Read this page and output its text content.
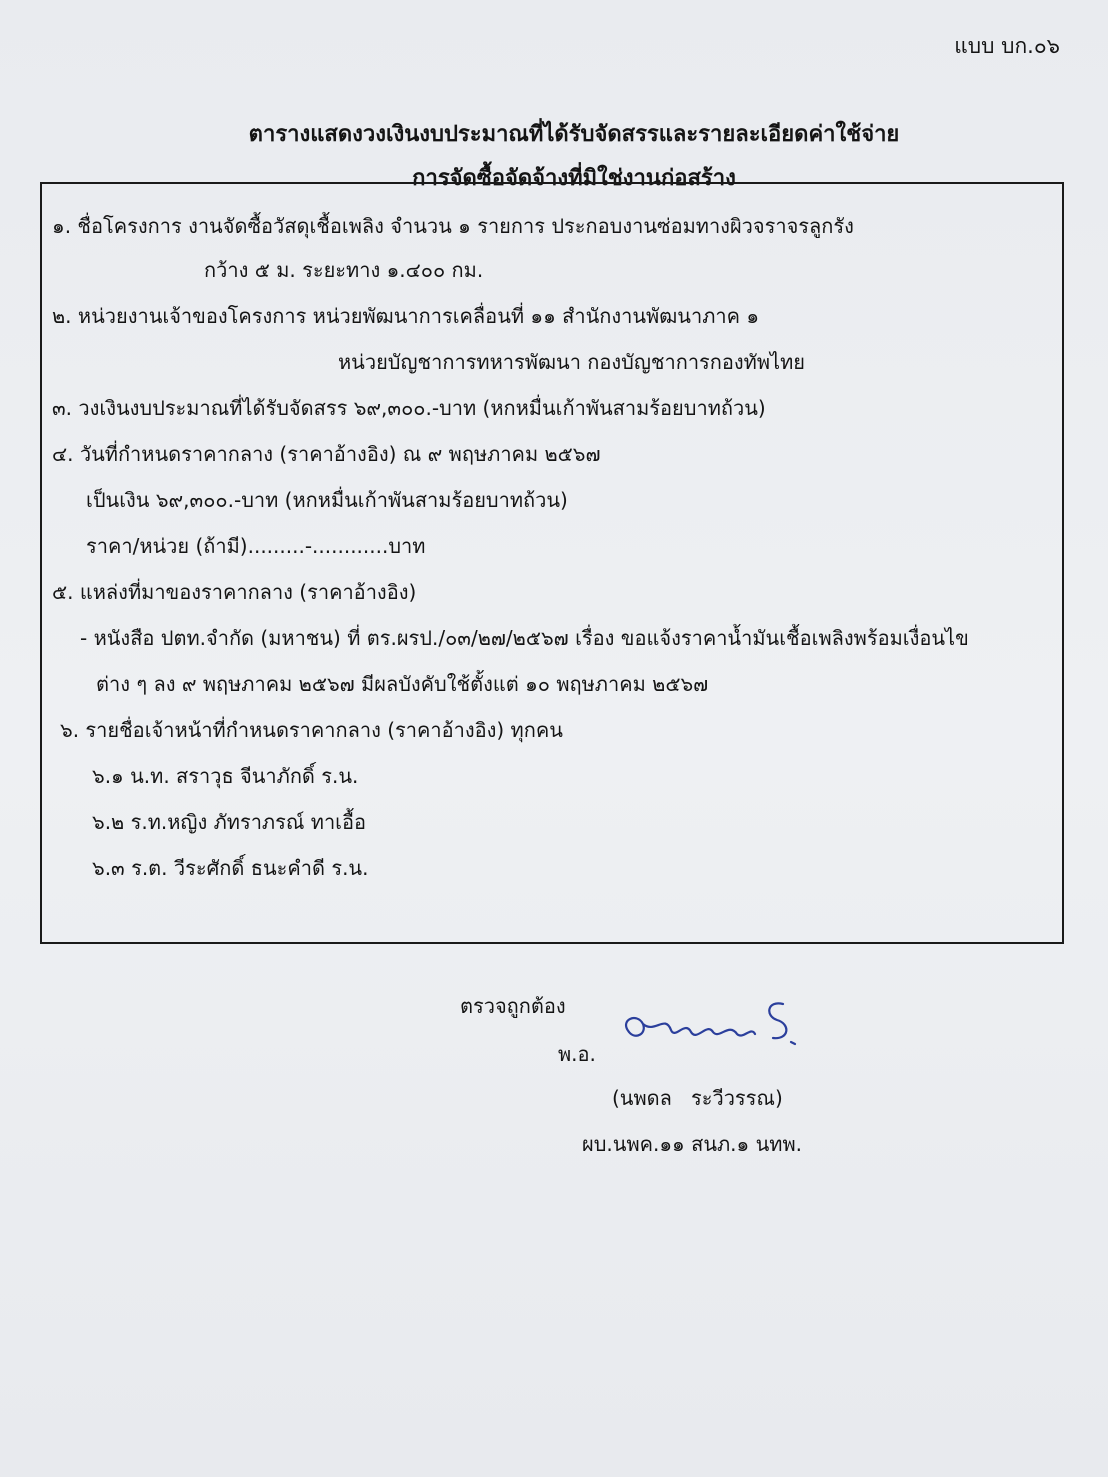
แบบ บก.๐๖
ตารางแสดงวงเงินงบประมาณที่ได้รับจัดสรรและรายละเอียดค่าใช้จ่าย
การจัดซื้อจัดจ้างที่มิใช่งานก่อสร้าง
๑. ชื่อโครงการ งานจัดซื้อวัสดุเชื้อเพลิง จำนวน ๑ รายการ ประกอบงานซ่อมทางผิวจราจรลูกรัง
กว้าง ๕ ม. ระยะทาง ๑.๔๐๐ กม.
๒. หน่วยงานเจ้าของโครงการ หน่วยพัฒนาการเคลื่อนที่ ๑๑ สำนักงานพัฒนาภาค ๑
หน่วยบัญชาการทหารพัฒนา กองบัญชาการกองทัพไทย
๓. วงเงินงบประมาณที่ได้รับจัดสรร ๖๙,๓๐๐.-บาท (หกหมื่นเก้าพันสามร้อยบาทถ้วน)
๔. วันที่กำหนดราคากลาง (ราคาอ้างอิง) ณ ๙ พฤษภาคม ๒๕๖๗
เป็นเงิน ๖๙,๓๐๐.-บาท (หกหมื่นเก้าพันสามร้อยบาทถ้วน)
ราคา/หน่วย (ถ้ามี).........-............บาท
๕. แหล่งที่มาของราคากลาง (ราคาอ้างอิง)
- หนังสือ ปตท.จำกัด (มหาชน) ที่ ตร.ผรป./๐๓/๒๗/๒๕๖๗ เรื่อง ขอแจ้งราคาน้ำมันเชื้อเพลิงพร้อมเงื่อนไข
ต่าง ๆ ลง ๙ พฤษภาคม ๒๕๖๗ มีผลบังคับใช้ตั้งแต่ ๑๐ พฤษภาคม ๒๕๖๗
๖. รายชื่อเจ้าหน้าที่กำหนดราคากลาง (ราคาอ้างอิง) ทุกคน
๖.๑ น.ท. สราวุธ จีนาภักดิ์ ร.น.
๖.๒ ร.ท.หญิง ภัทราภรณ์ ทาเอื้อ
๖.๓ ร.ต. วีระศักดิ์ ธนะคำดี ร.น.
ตรวจถูกต้อง
พ.อ.
(นพดล   ระวีวรรณ)
ผบ.นพค.๑๑ สนภ.๑ นทพ.
